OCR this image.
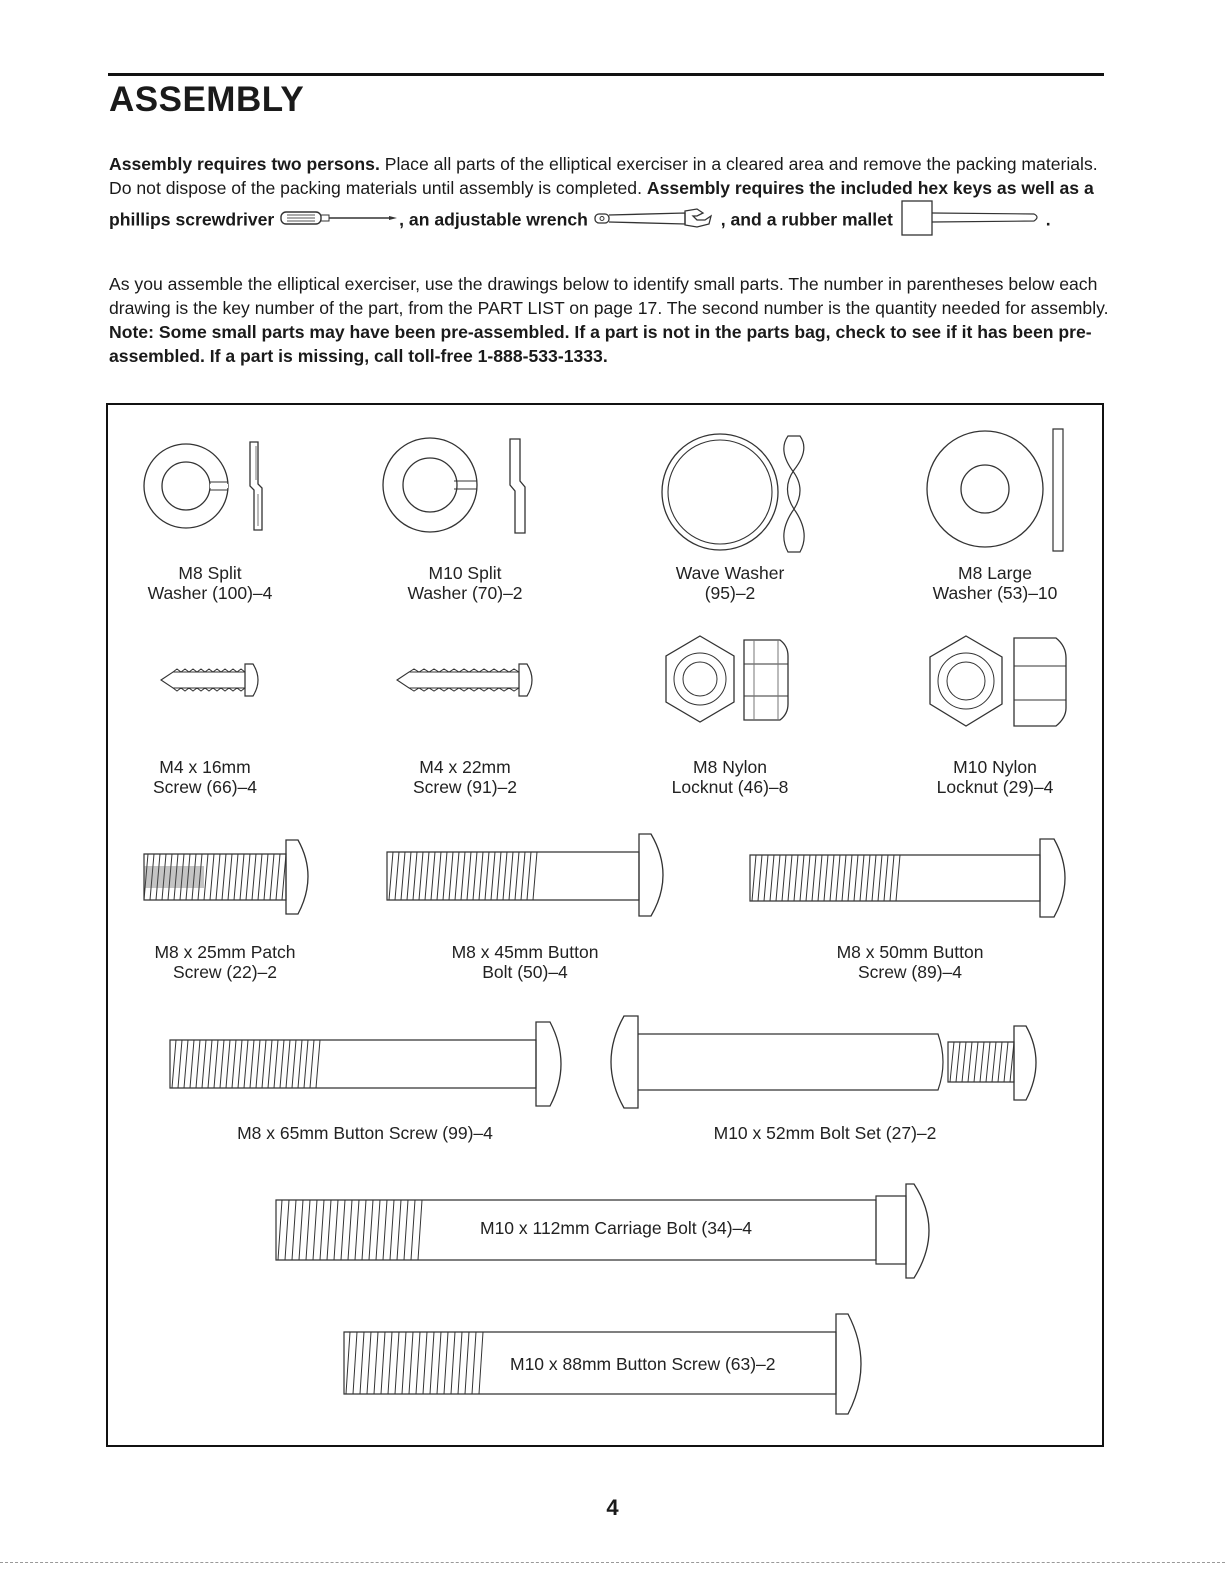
ASSEMBLY
Assembly requires two persons. Place all parts of the elliptical exerciser in a cleared area and remove the packing materials. Do not dispose of the packing materials until assembly is completed. Assembly requires the included hex keys as well as a phillips screwdriver	, an adjustable wrench	, and a rubber mallet	.
As you assemble the elliptical exerciser, use the drawings below to identify small parts. The number in parentheses below each drawing is the key number of the part, from the PART LIST on page 17. The second number is the quantity needed for assembly. Note: Some small parts may have been pre-assembled. If a part is not in the parts bag, check to see if it has been pre-assembled. If a part is missing, call toll-free 1-888-533-1333.
M8 Split
Washer (100)–4
M10 Split
Washer (70)–2
Wave Washer
(95)–2
M8 Large
Washer (53)–10
M4 x 16mm
Screw (66)–4
M4 x 22mm
Screw (91)–2
M8 Nylon
Locknut (46)–8
M10 Nylon
Locknut (29)–4
M8 x 25mm Patch
Screw (22)–2
M8 x 45mm Button
Bolt (50)–4
M8 x 50mm Button
Screw (89)–4
M8 x 65mm Button Screw (99)–4	M10 x 52mm Bolt Set (27)–2
M10 x 112mm Carriage Bolt (34)–4
M10 x 88mm Button Screw (63)–2
4
